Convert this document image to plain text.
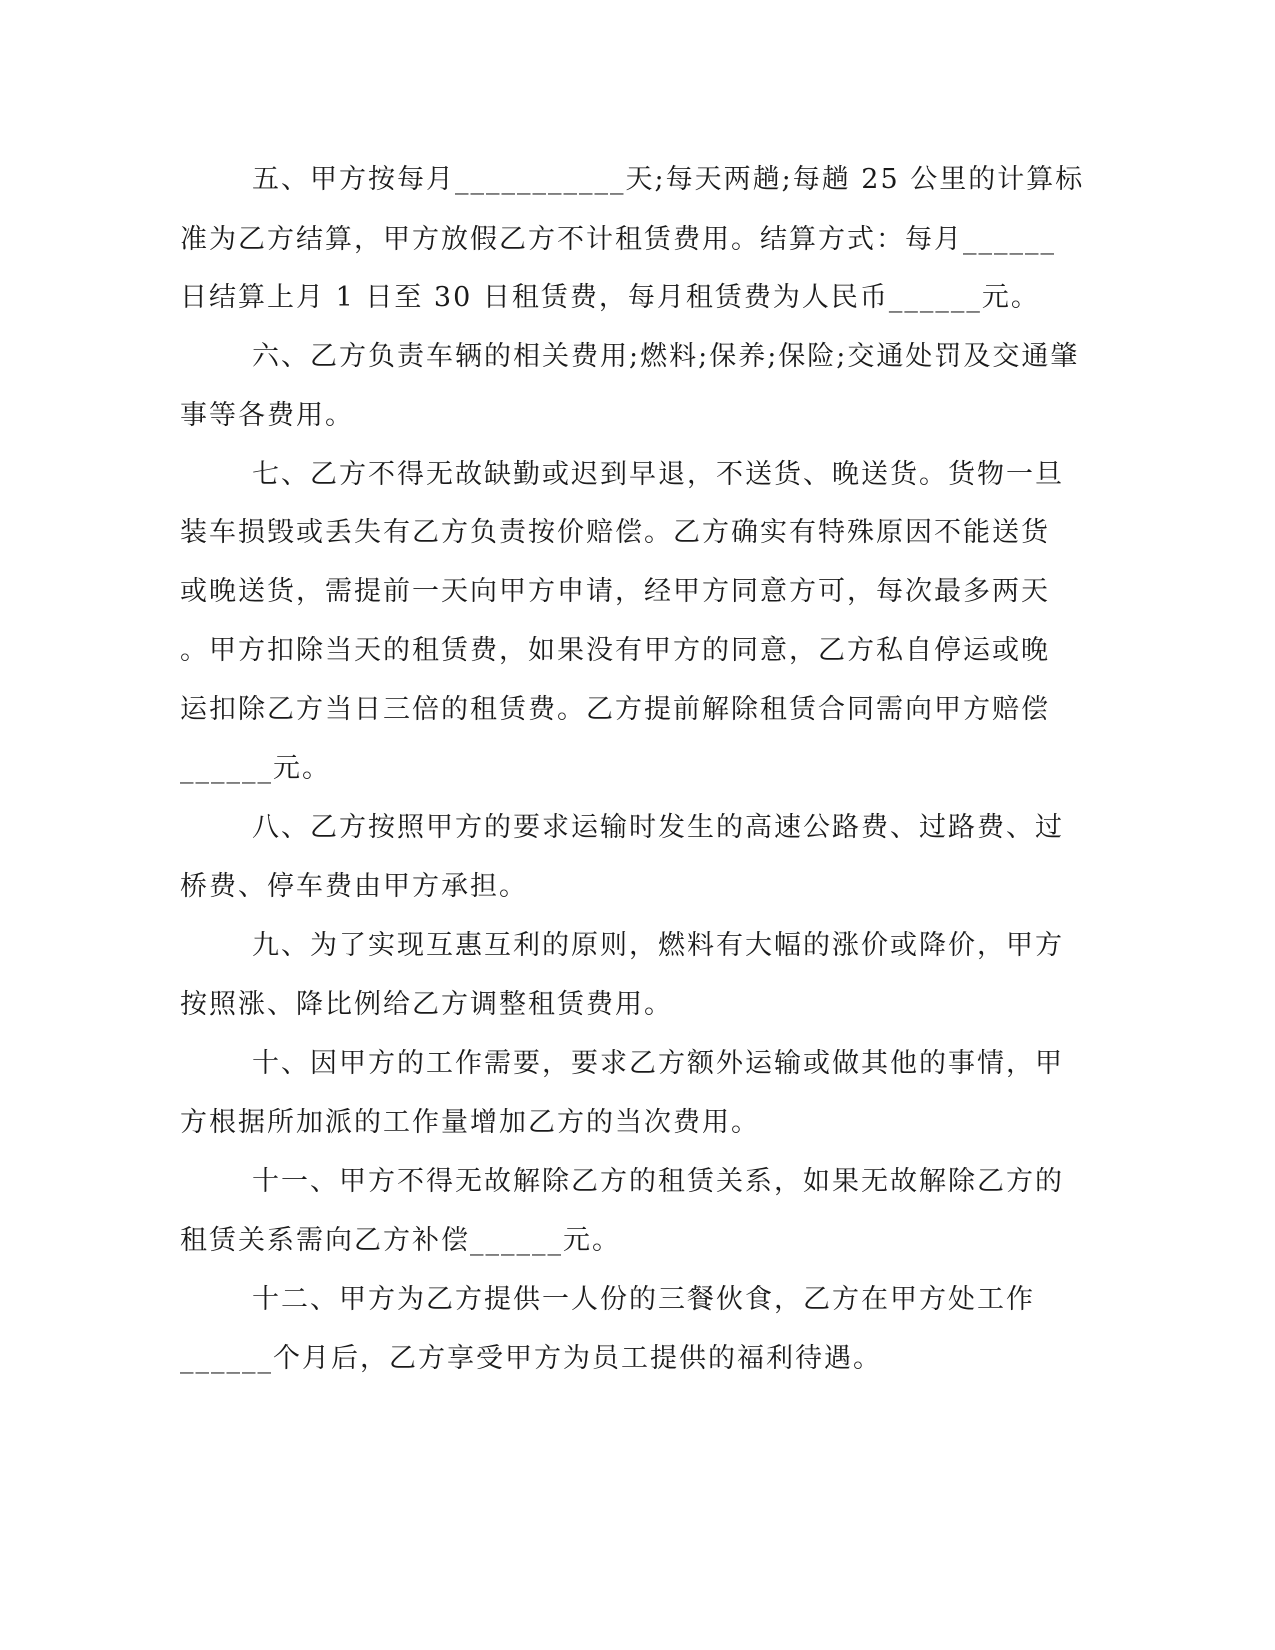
五、甲方按每月___________天;每天两趟;每趟 25 公里的计算标
准为乙方结算，甲方放假乙方不计租赁费用。结算方式：每月______
日结算上月 1 日至 30 日租赁费，每月租赁费为人民币______元。
六、乙方负责车辆的相关费用;燃料;保养;保险;交通处罚及交通肇
事等各费用。
七、乙方不得无故缺勤或迟到早退，不送货、晚送货。货物一旦
装车损毁或丢失有乙方负责按价赔偿。乙方确实有特殊原因不能送货
或晚送货，需提前一天向甲方申请，经甲方同意方可，每次最多两天
。甲方扣除当天的租赁费，如果没有甲方的同意，乙方私自停运或晚
运扣除乙方当日三倍的租赁费。乙方提前解除租赁合同需向甲方赔偿
______元。
八、乙方按照甲方的要求运输时发生的高速公路费、过路费、过
桥费、停车费由甲方承担。
九、为了实现互惠互利的原则，燃料有大幅的涨价或降价，甲方
按照涨、降比例给乙方调整租赁费用。
十、因甲方的工作需要，要求乙方额外运输或做其他的事情，甲
方根据所加派的工作量增加乙方的当次费用。
十一、甲方不得无故解除乙方的租赁关系，如果无故解除乙方的
租赁关系需向乙方补偿______元。
十二、甲方为乙方提供一人份的三餐伙食，乙方在甲方处工作
______个月后，乙方享受甲方为员工提供的福利待遇。
